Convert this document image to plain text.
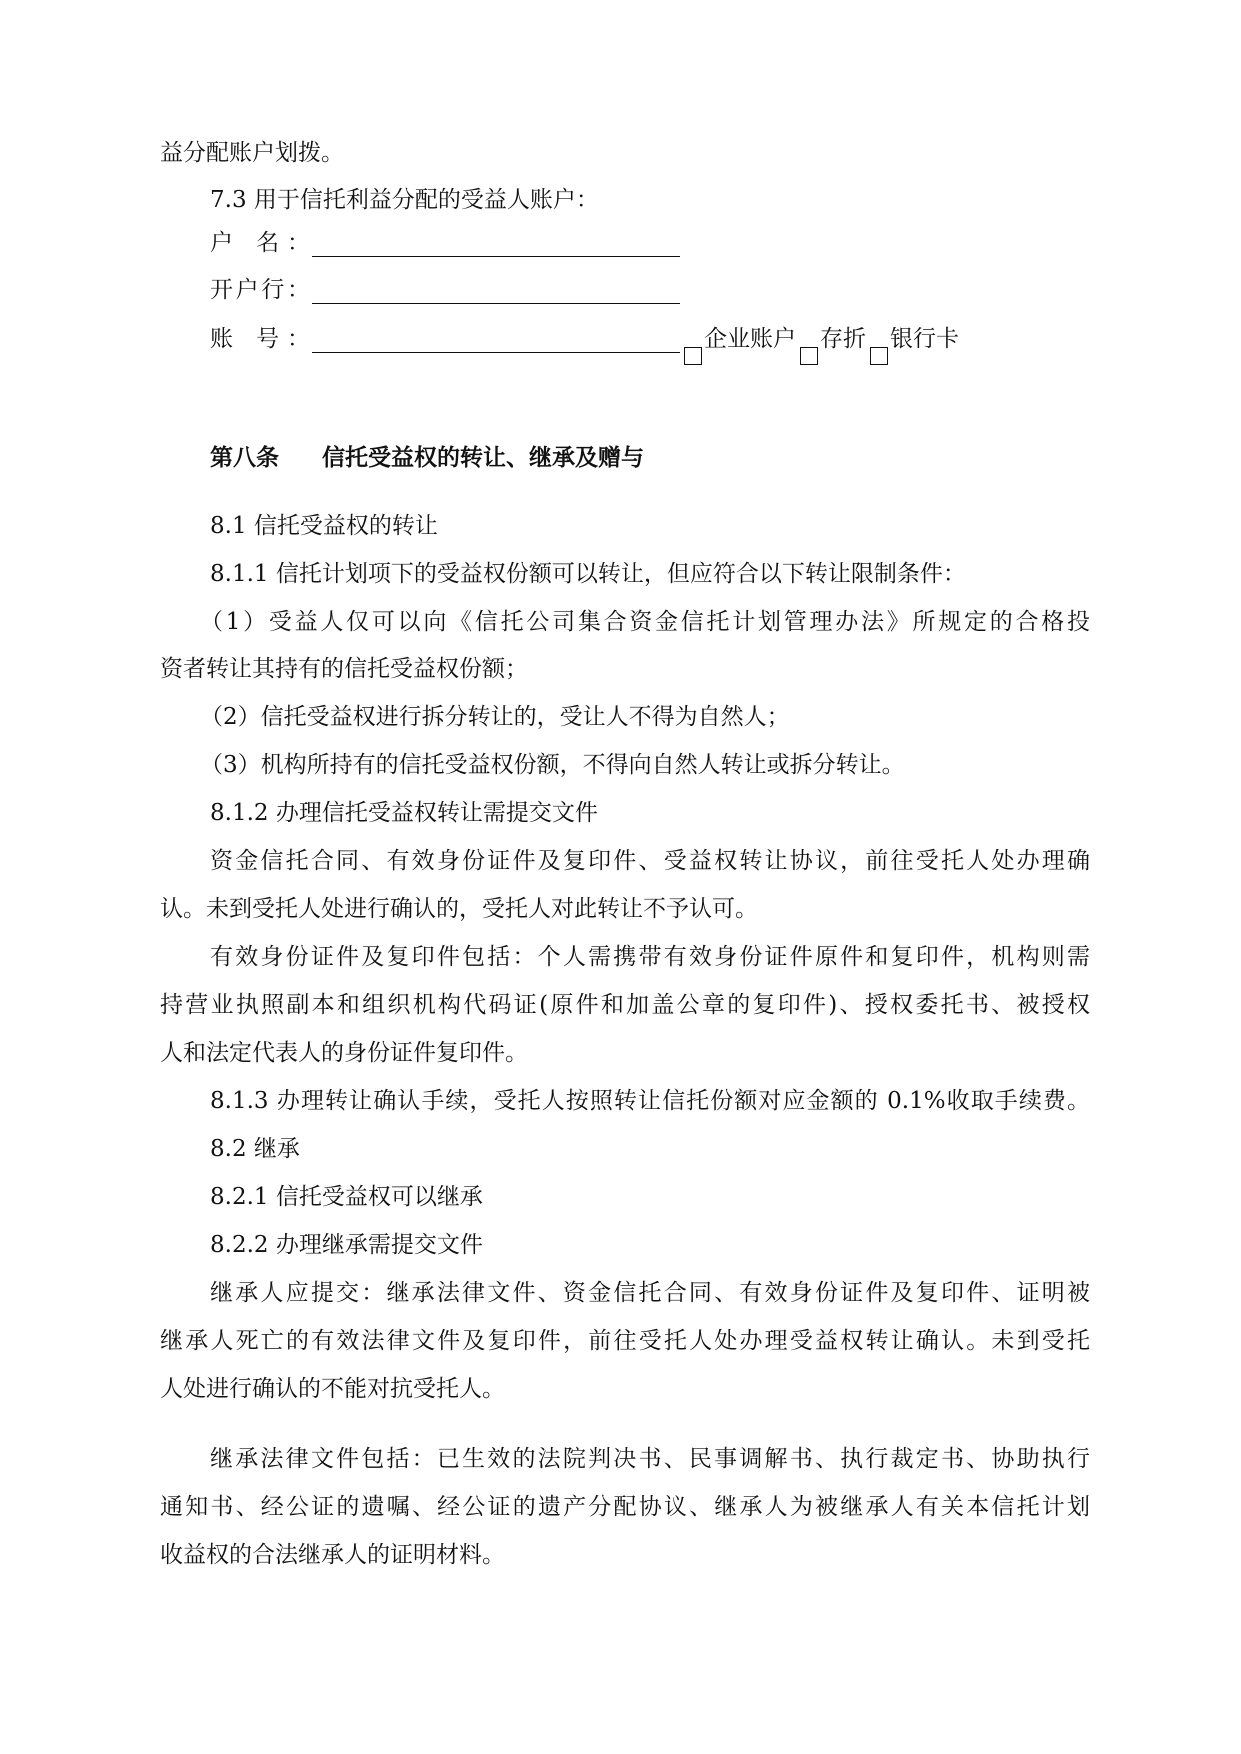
益分配账户划拨。
7.3 用于信托利益分配的受益人账户：
户 名：
开户行：
账 号：	企业账户 存折 银行卡
第八条 信托受益权的转让、继承及赠与
8.1 信托受益权的转让
8.1.1 信托计划项下的受益权份额可以转让，但应符合以下转让限制条件：
（1）受益人仅可以向《信托公司集合资金信托计划管理办法》所规定的合格投
资者转让其持有的信托受益权份额；
（2）信托受益权进行拆分转让的，受让人不得为自然人；
（3）机构所持有的信托受益权份额，不得向自然人转让或拆分转让。
8.1.2 办理信托受益权转让需提交文件
资金信托合同、有效身份证件及复印件、受益权转让协议，前往受托人处办理确
认。未到受托人处进行确认的，受托人对此转让不予认可。
有效身份证件及复印件包括：个人需携带有效身份证件原件和复印件，机构则需
持营业执照副本和组织机构代码证(原件和加盖公章的复印件)、授权委托书、被授权
人和法定代表人的身份证件复印件。
8.1.3 办理转让确认手续，受托人按照转让信托份额对应金额的 0.1%收取手续费。
8.2 继承
8.2.1 信托受益权可以继承
8.2.2 办理继承需提交文件
继承人应提交：继承法律文件、资金信托合同、有效身份证件及复印件、证明被
继承人死亡的有效法律文件及复印件，前往受托人处办理受益权转让确认。未到受托
人处进行确认的不能对抗受托人。
继承法律文件包括：已生效的法院判决书、民事调解书、执行裁定书、协助执行
通知书、经公证的遗嘱、经公证的遗产分配协议、继承人为被继承人有关本信托计划
收益权的合法继承人的证明材料。
